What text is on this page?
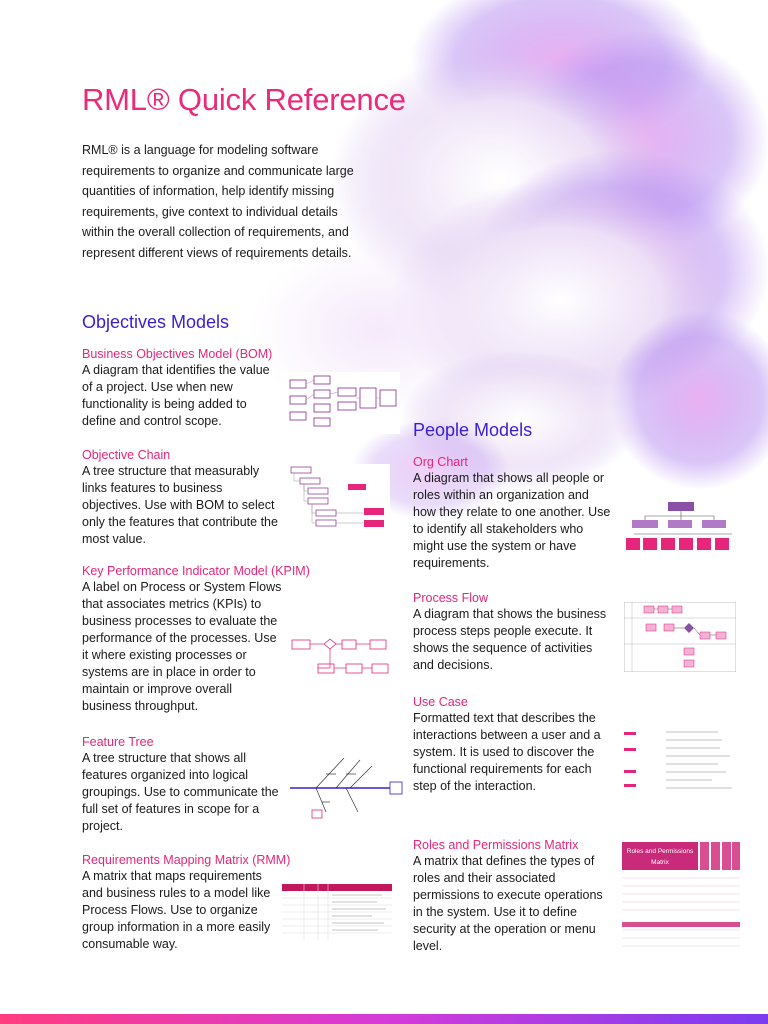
RML® Quick Reference

RML® is a language for modeling software requirements to organize and communicate large quantities of information, help identify missing requirements, give context to individual details within the overall collection of requirements, and represent different views of requirements details.

Objectives Models
Business Objectives Model (BOM)
A diagram that identifies the value of a project. Use when new functionality is being added to define and control scope.
Objective Chain
A tree structure that measurably links features to business objectives. Use with BOM to select only the features that contribute the most value.
Key Performance Indicator Model (KPIM)
A label on Process or System Flows that associates metrics (KPIs) to business processes to evaluate the performance of the processes. Use it where existing processes or systems are in place in order to maintain or improve overall business throughput.
Feature Tree
A tree structure that shows all features organized into logical groupings. Use to communicate the full set of features in scope for a project.
Requirements Mapping Matrix (RMM)
A matrix that maps requirements and business rules to a model like Process Flows. Use to organize group information in a more easily consumable way.
People Models
Org Chart
A diagram that shows all people or roles within an organization and how they relate to one another. Use to identify all stakeholders who might use the system or have requirements.
Process Flow
A diagram that shows the business process steps people execute. It shows the sequence of activities and decisions.
Use Case
Formatted text that describes the interactions between a user and a system. It is used to discover the functional requirements for each step of the interaction.
Roles and Permissions Matrix
A matrix that defines the types of roles and their associated permissions to execute operations in the system. Use it to define security at the operation or menu level.
Roles and Permissions
Matrix
